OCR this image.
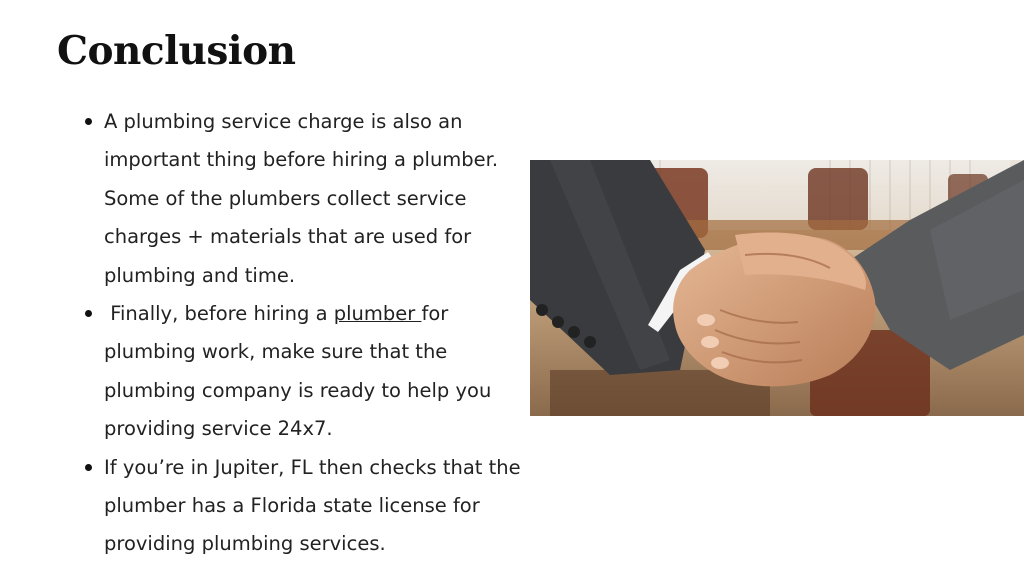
Conclusion
A plumbing service charge is also an important thing before hiring a plumber. Some of the plumbers collect service charges + materials that are used for plumbing and time.
Finally, before hiring a plumber for plumbing work, make sure that the plumbing company is ready to help you providing service 24x7.
If you’re in Jupiter, FL then checks that the plumber has a Florida state license for providing plumbing services.
